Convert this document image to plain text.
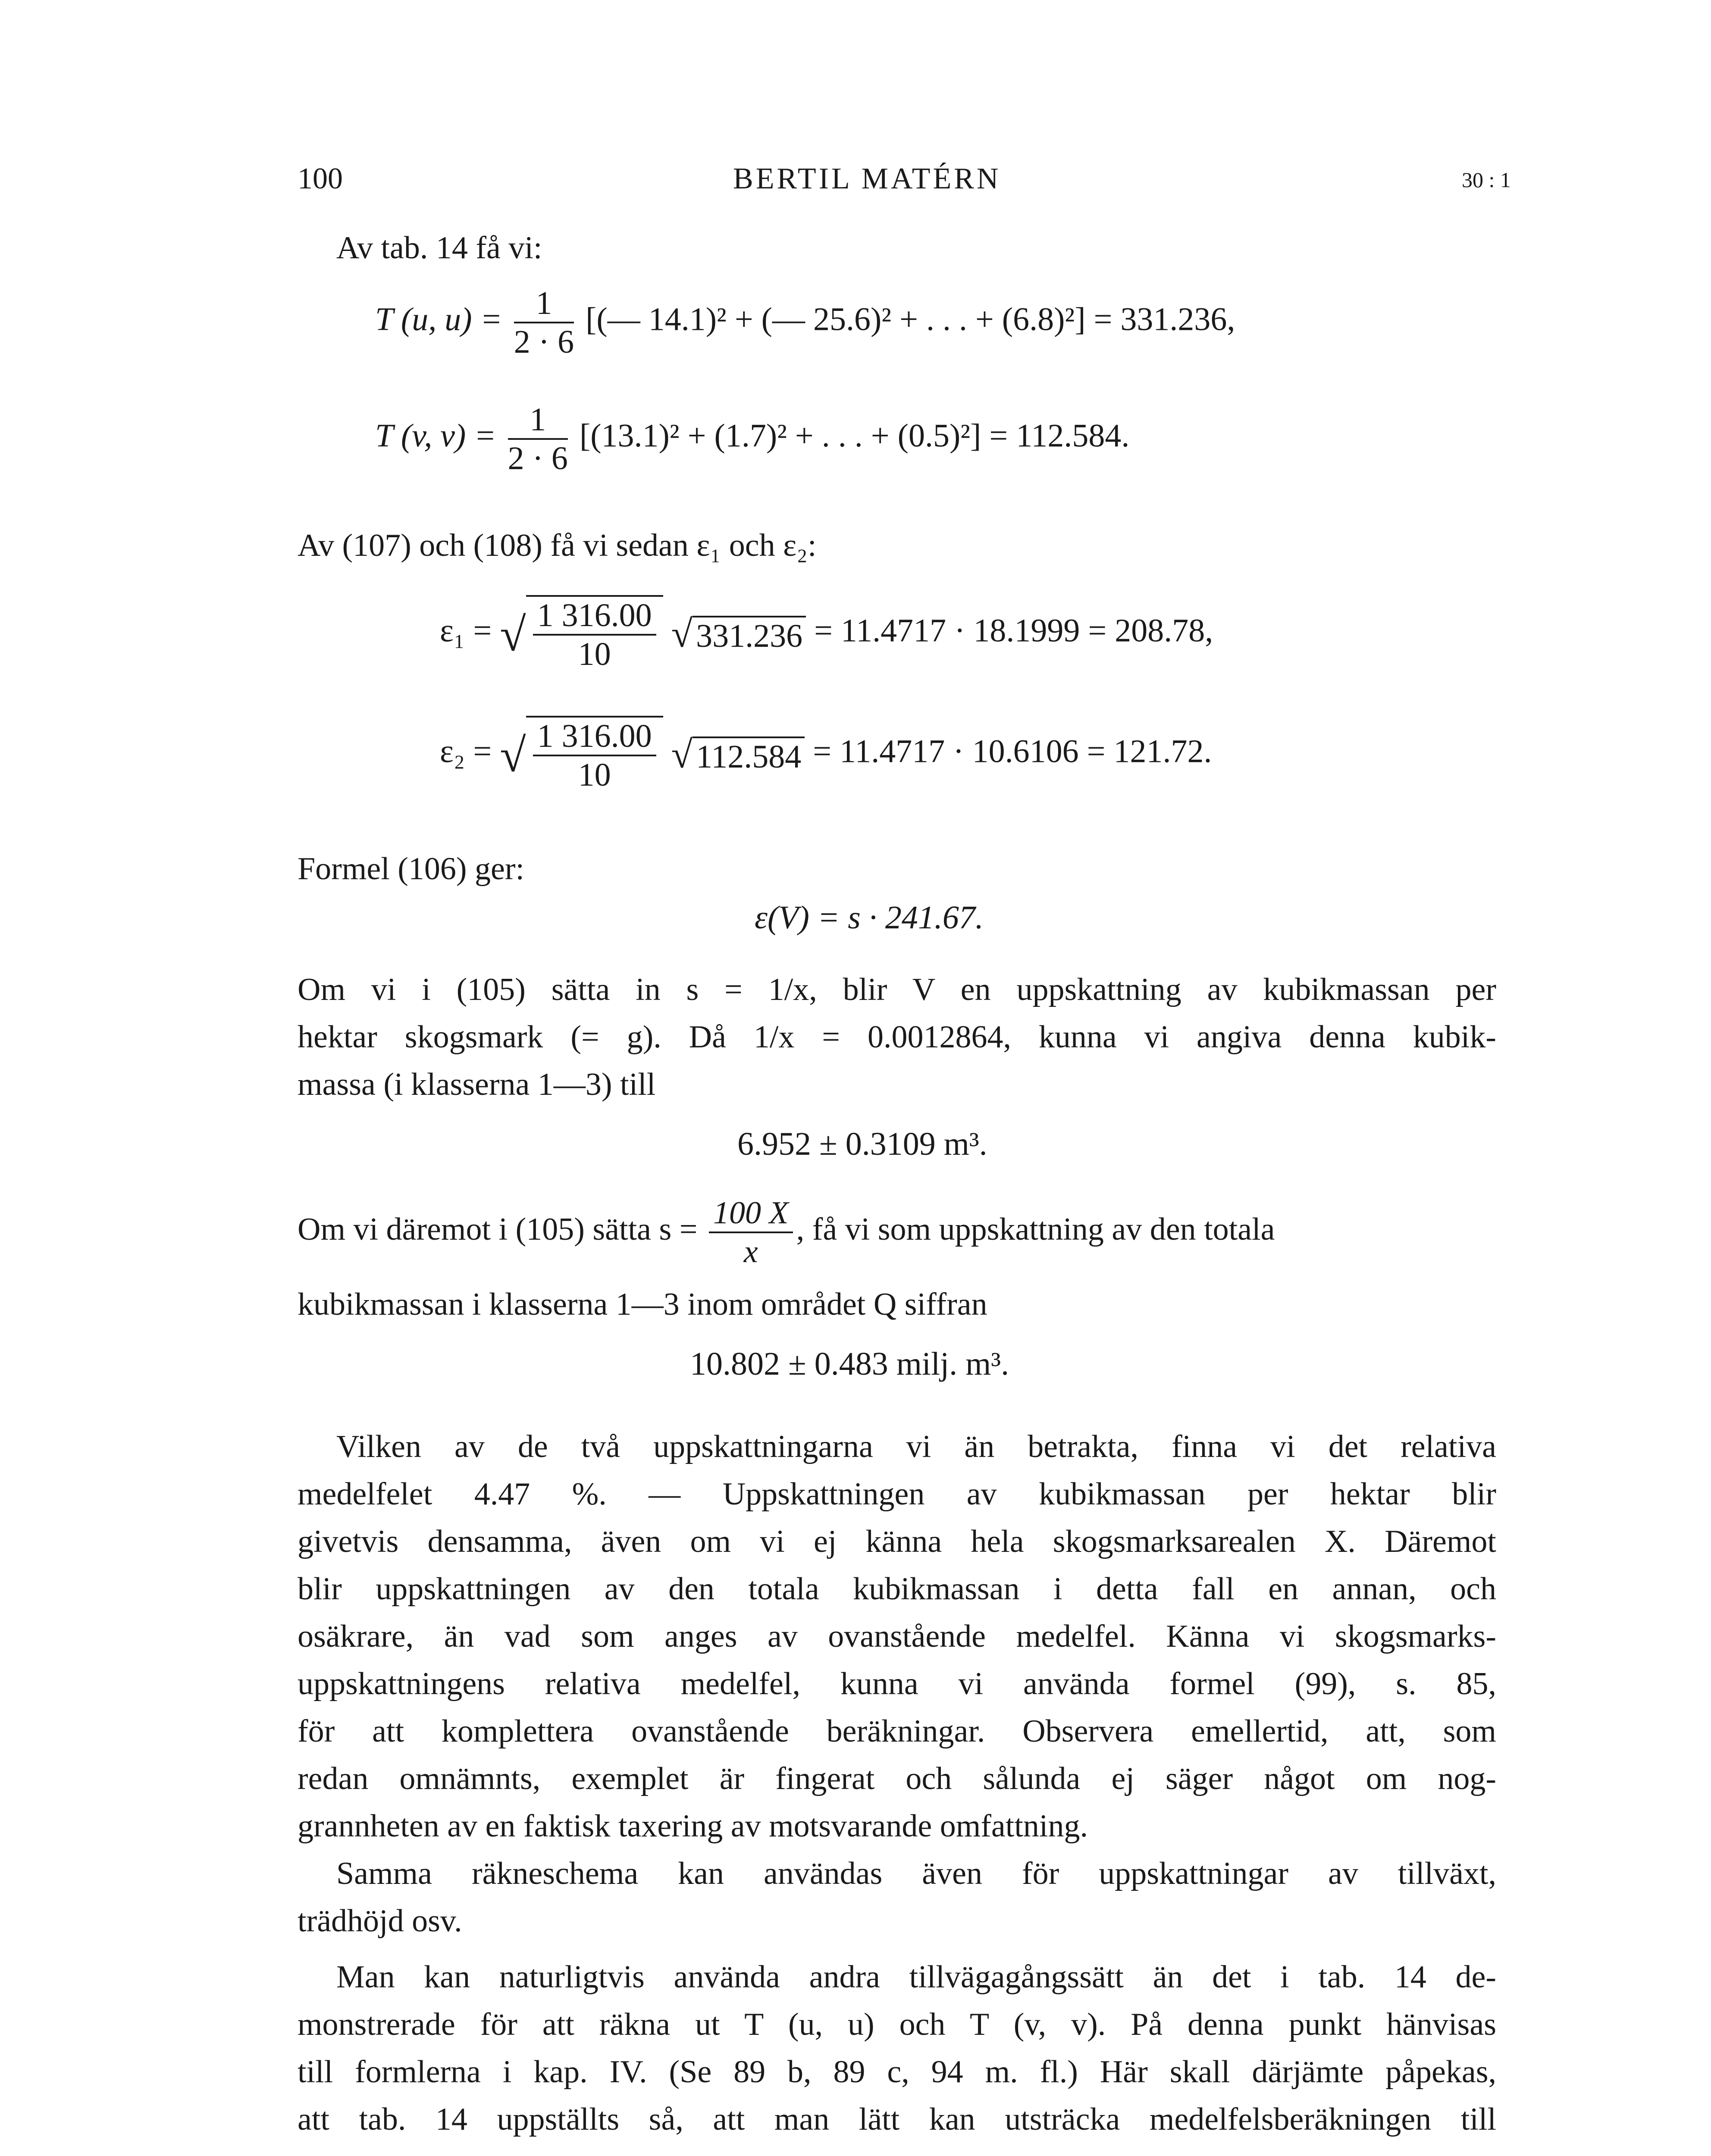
100	BERTIL MATÉRN	30 : 1
Av tab. 14 få vi:
T (u, $u) = \frac{1}{2 \cdot 6}$ [(— 14.1)² + (— 25.6)² + . . . + (6.8)²] = 331.236,
T (v, $v) = \frac{1}{2 \cdot 6} [(13.1)^2 + (1.7)^2$ + . . . + (0.5)²] = 112.584.
Av (107) och (108) få vi sedan ε₁ och ε₂:
ε₁ = √ $\frac{1 316.00}{10}$ √ 331.236 = 11.4717 · 18.1999 = 208.78,
ε₂ = √ $\frac{1 316.00}{10}$ √ 112.584 = 11.4717 · 10.6106 = 121.72.
Formel (106) ger:
ε(V) = s · 241.67.
Om vi i (105) sätta in s = 1/x, blir V en uppskattning av kubikmassan per
hektar skogsmark (= g). Då 1/x = 0.0012864, kunna vi angiva denna kubik-
massa (i klasserna 1—3) till
6.952 ± 0.3109 m³.
Om vi däremot i (105) sätta $s = \frac{100 X}{x}$ , få vi som uppskattning av den totala
kubikmassan i klasserna 1—3 inom området Q siffran
10.802 ± 0.483 milj. m³.
Vilken av de två uppskattningarna vi än betrakta, finna vi det relativa
medelfelet 4.47 %. — Uppskattningen av kubikmassan per hektar blir
givetvis densamma, även om vi ej känna hela skogsmarksarealen X. Däremot
blir uppskattningen av den totala kubikmassan i detta fall en annan, och
osäkrare, än vad som anges av ovanstående medelfel. Känna vi skogsmarks-
uppskattningens relativa medelfel, kunna vi använda formel (99), s. 85,
för att komplettera ovanstående beräkningar. Observera emellertid, att, som
redan omnämnts, exemplet är fingerat och sålunda ej säger något om nog-
grannheten av en faktisk taxering av motsvarande omfattning.
Samma räkneschema kan användas även för uppskattningar av tillväxt,
trädhöjd osv.
Man kan naturligtvis använda andra tillvägagångssätt än det i tab. 14 de-
monstrerade för att räkna ut T (u, u) och T (v, v). På denna punkt hänvisas
till formlerna i kap. IV. (Se 89 b, 89 c, 94 m. fl.) Här skall därjämte påpekas,
att tab. 14 uppställts så, att man lätt kan utsträcka medelfelsberäkningen till
